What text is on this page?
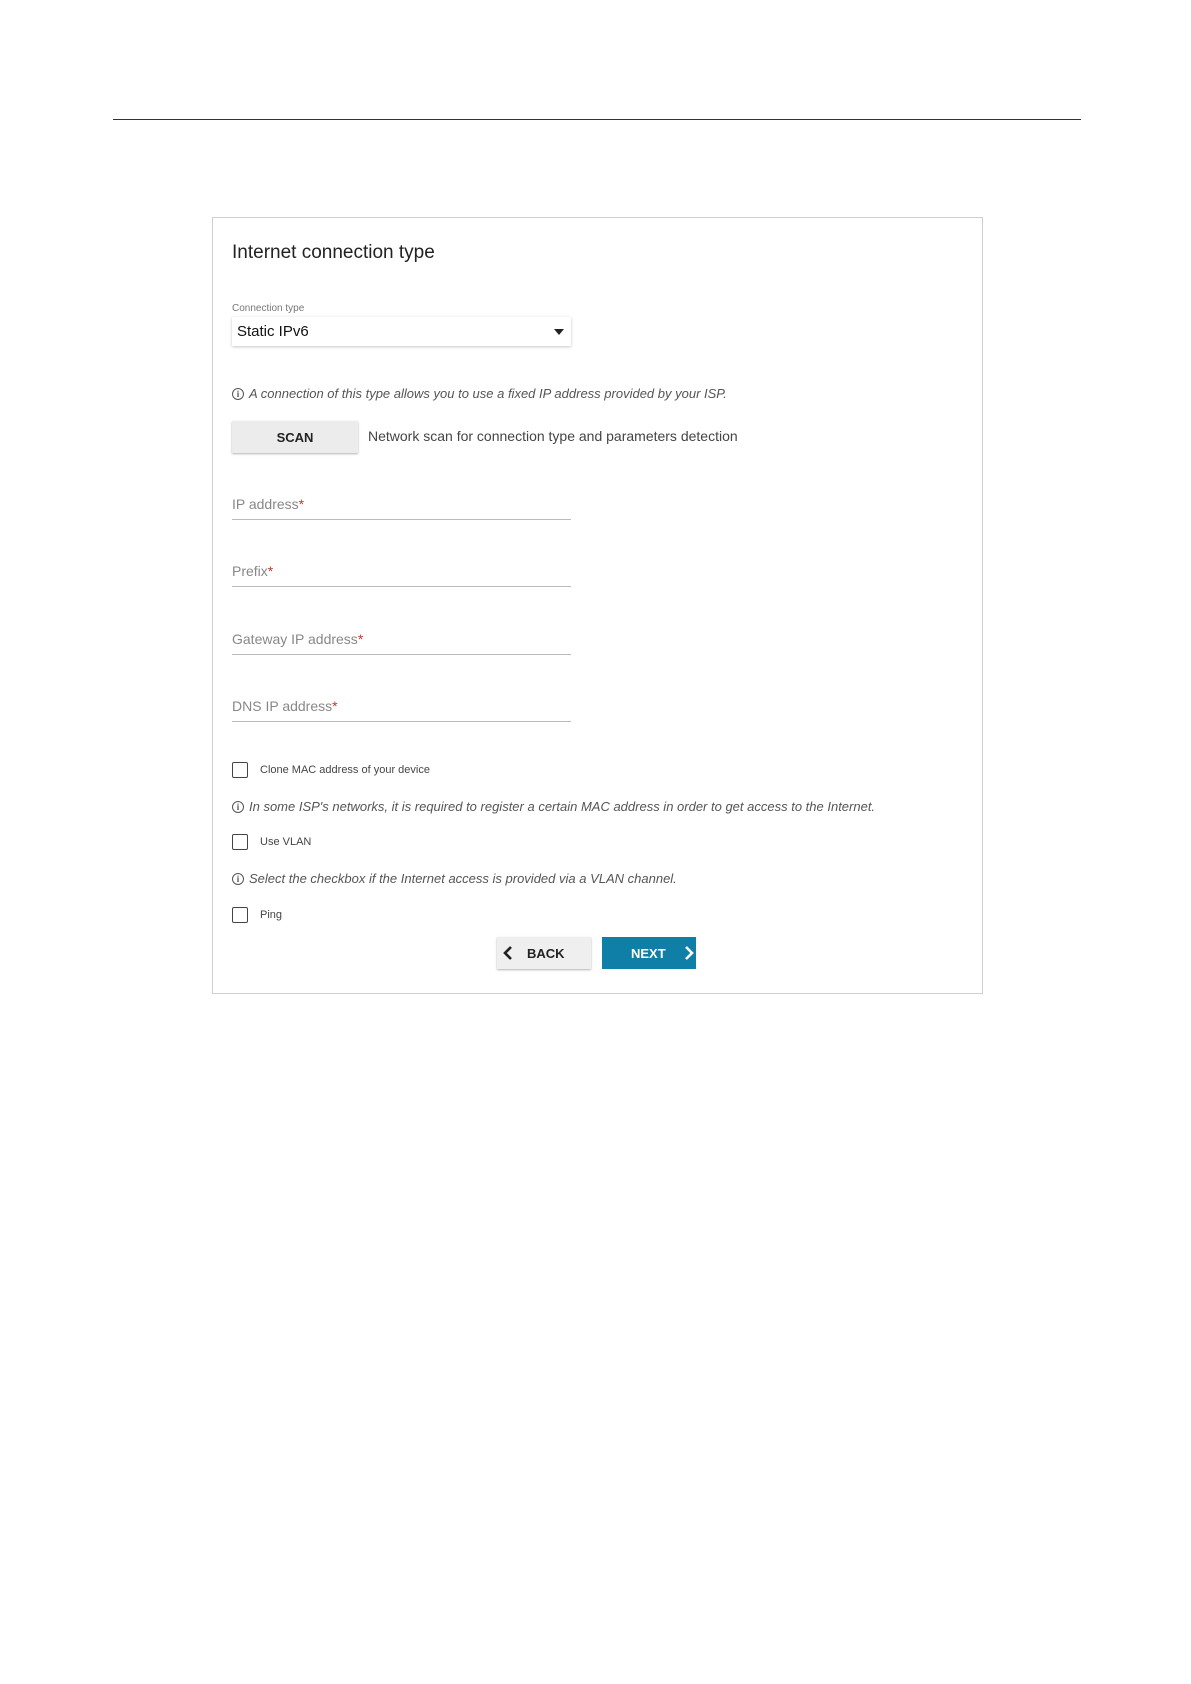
Internet connection type
Connection type
Static IPv6
i A connection of this type allows you to use a fixed IP address provided by your ISP.
SCAN	Network scan for connection type and parameters detection
IP address*
Prefix*
Gateway IP address*
DNS IP address*
Clone MAC address of your device
i In some ISP's networks, it is required to register a certain MAC address in order to get access to the Internet.
Use VLAN
i Select the checkbox if the Internet access is provided via a VLAN channel.
Ping
BACK	NEXT
